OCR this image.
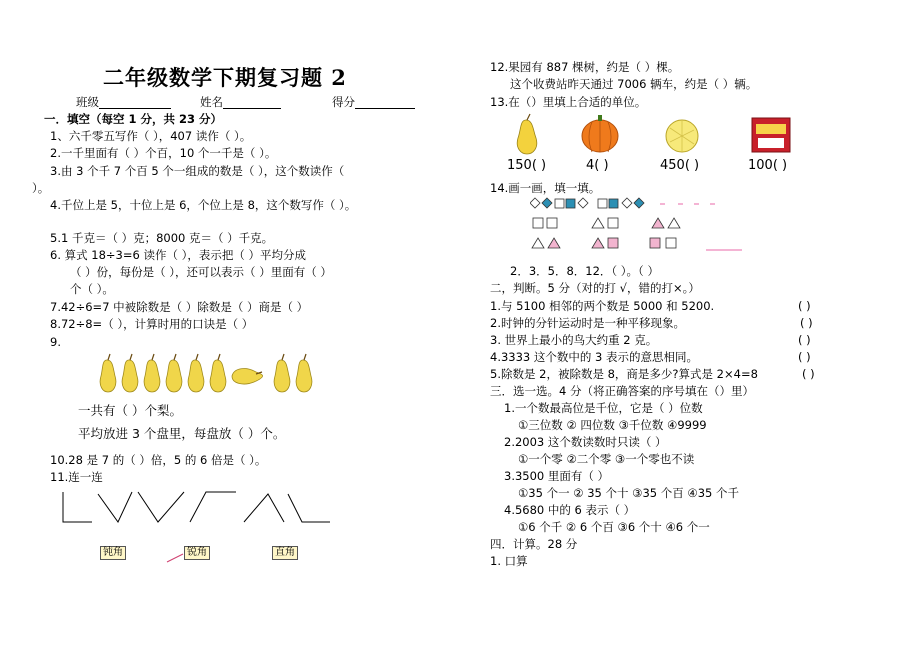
二年级数学下期复习题 2
班级	姓名	得分
一．填空（每空 1 分，共 23 分）
1、六千零五写作（ ），407 读作（ ）。
2.一千里面有（ ）个百，10 个一千是（ ）。
3.由 3 个千 7 个百 5 个一组成的数是（ ），这个数读作（
）。
4.千位上是 5，十位上是 6，个位上是 8，这个数写作（ ）。
5.1 千克＝（ ）克；8000 克＝（ ）千克。
6. 算式 18÷3=6 读作（ ），表示把（ ）平均分成
（ ）份，每份是（ ），还可以表示（ ）里面有（ ）
个（ ）。
7.42÷6=7 中被除数是（ ）除数是（ ）商是（ ）
8.72÷8=（ ），计算时用的口诀是（ ）
9.
一共有（ ）个梨。
平均放进 3 个盘里，每盘放（ ）个。
10.28 是 7 的（ ）倍，5 的 6 倍是（ ）。
11.连一连
钝角	锐角	直角
12.果园有 887 棵树，约是（ ）棵。
这个收费站昨天通过 7006 辆车，约是（ ）辆。
13.在（）里填上合适的单位。
150( )	4( )	450( )	100( )
14.画一画，填一填。
2．3．5．8．12．（ ）。（ ）
二，判断。5 分（对的打 √，错的打×。）
1.与 5100 相邻的两个数是 5000 和 5200.	( )
2.时钟的分针运动时是一种平移现象。	( )
3. 世界上最小的鸟大约重 2 克。	( )
4.3333 这个数中的 3 表示的意思相同。	( )
5.除数是 2，被除数是 8，商是多少?算式是 2×4=8	( )
三．选一选。4 分（将正确答案的序号填在（）里）
1.一个数最高位是千位，它是（ ）位数
①三位数 ② 四位数 ③千位数 ④9999
2.2003 这个数读数时只读（ ）
①一个零 ②二个零 ③一个零也不读
3.3500 里面有（ ）
①35 个一 ② 35 个十 ③35 个百 ④35 个千
4.5680 中的 6 表示（ ）
①6 个千 ② 6 个百 ③6 个十 ④6 个一
四．计算。28 分
1. 口算
